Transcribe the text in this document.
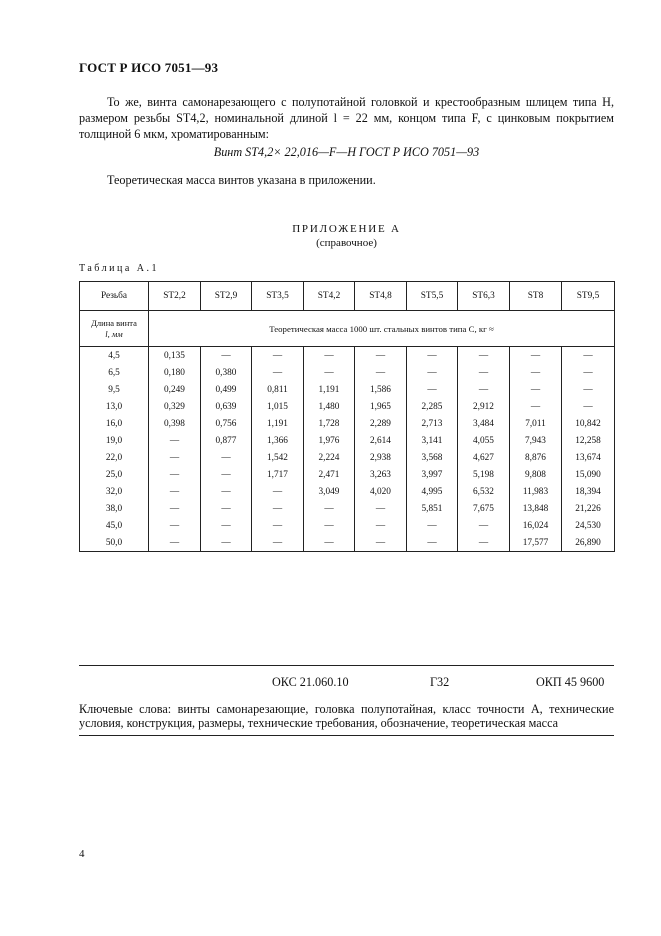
ГОСТ Р ИСО 7051—93
То же, винта самонарезающего с полупотайной головкой и крестообразным шлицем типа H, размером резьбы ST4,2, номинальной длиной l = 22 мм, концом типа F, с цинковым покрытием толщиной 6 мкм, хроматированным:
Винт ST4,2× 22,016—F—H ГОСТ Р ИСО 7051—93
Теоретическая масса винтов указана в приложении.
ПРИЛОЖЕНИЕ А
(справочное)
Таблица А.1
Резьба	ST2,2	ST2,9	ST3,5	ST4,2	ST4,8	ST5,5	ST6,3	ST8	ST9,5
Длина винта
l, мм	Теоретическая масса 1000 шт. стальных винтов типа С, кг ≈								
4,5	0,135	—	—	—	—	—	—	—	—
6,5	0,180	0,380	—	—	—	—	—	—	—
9,5	0,249	0,499	0,811	1,191	1,586	—	—	—	—
13,0	0,329	0,639	1,015	1,480	1,965	2,285	2,912	—	—
16,0	0,398	0,756	1,191	1,728	2,289	2,713	3,484	7,011	10,842
19,0	—	0,877	1,366	1,976	2,614	3,141	4,055	7,943	12,258
22,0	—	—	1,542	2,224	2,938	3,568	4,627	8,876	13,674
25,0	—	—	1,717	2,471	3,263	3,997	5,198	9,808	15,090
32,0	—	—	—	3,049	4,020	4,995	6,532	11,983	18,394
38,0	—	—	—	—	—	5,851	7,675	13,848	21,226
45,0	—	—	—	—	—	—	—	16,024	24,530
50,0	—	—	—	—	—	—	—	17,577	26,890
ОКС 21.060.10	Г32	ОКП 45 9600
Ключевые слова: винты самонарезающие, головка полупотайная, класс точности А, технические условия, конструкция, размеры, технические требования, обозначение, теоретическая масса
4
